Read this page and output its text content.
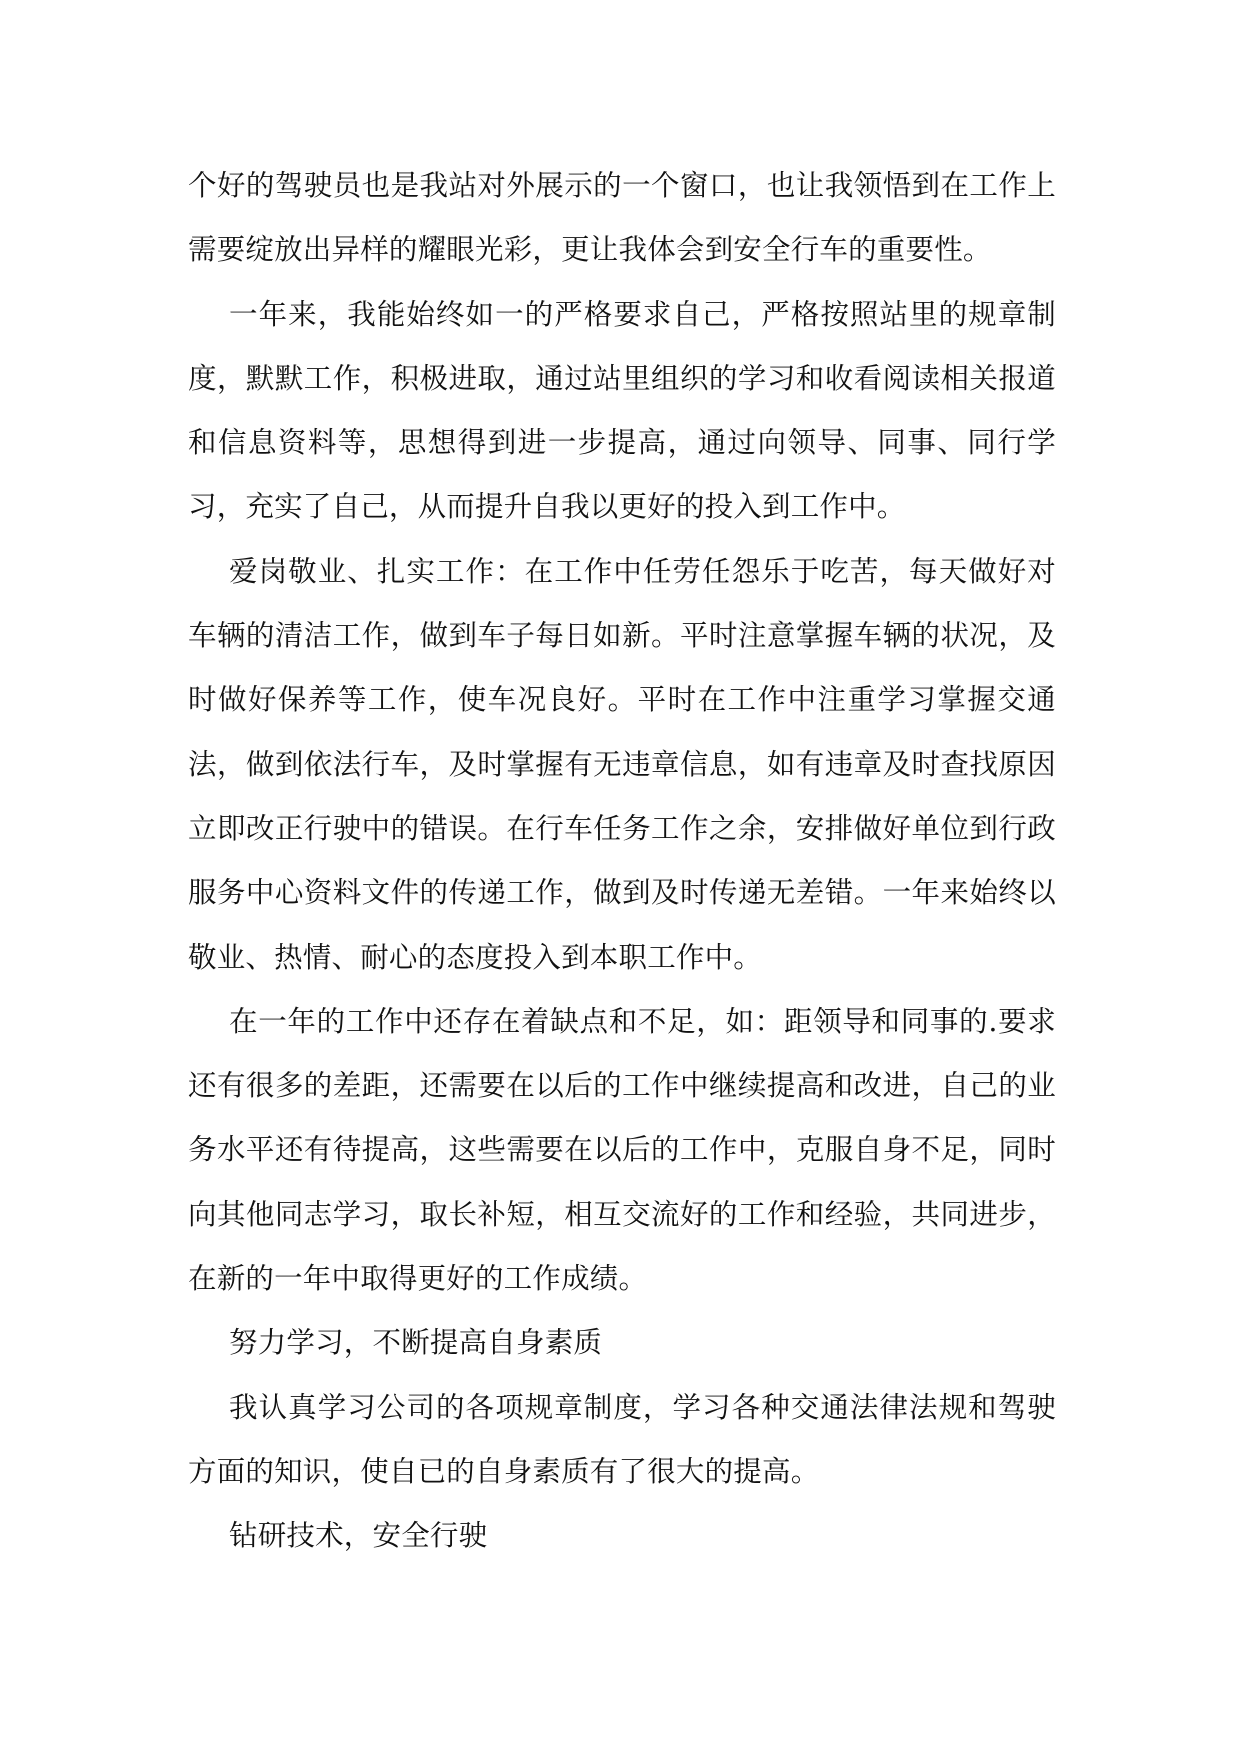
个好的驾驶员也是我站对外展示的一个窗口，也让我领悟到在工作上需要绽放出异样的耀眼光彩，更让我体会到安全行车的重要性。

一年来，我能始终如一的严格要求自己，严格按照站里的规章制度，默默工作，积极进取，通过站里组织的学习和收看阅读相关报道和信息资料等，思想得到进一步提高，通过向领导、同事、同行学习，充实了自己，从而提升自我以更好的投入到工作中。

爱岗敬业、扎实工作：在工作中任劳任怨乐于吃苦，每天做好对车辆的清洁工作，做到车子每日如新。平时注意掌握车辆的状况，及时做好保养等工作，使车况良好。平时在工作中注重学习掌握交通法，做到依法行车，及时掌握有无违章信息，如有违章及时查找原因立即改正行驶中的错误。在行车任务工作之余，安排做好单位到行政服务中心资料文件的传递工作，做到及时传递无差错。一年来始终以敬业、热情、耐心的态度投入到本职工作中。

在一年的工作中还存在着缺点和不足，如：距领导和同事的.要求还有很多的差距，还需要在以后的工作中继续提高和改进，自己的业务水平还有待提高，这些需要在以后的工作中，克服自身不足，同时向其他同志学习，取长补短，相互交流好的工作和经验，共同进步，在新的一年中取得更好的工作成绩。

努力学习，不断提高自身素质

我认真学习公司的各项规章制度，学习各种交通法律法规和驾驶方面的知识，使自已的自身素质有了很大的提高。

钻研技术，安全行驶
